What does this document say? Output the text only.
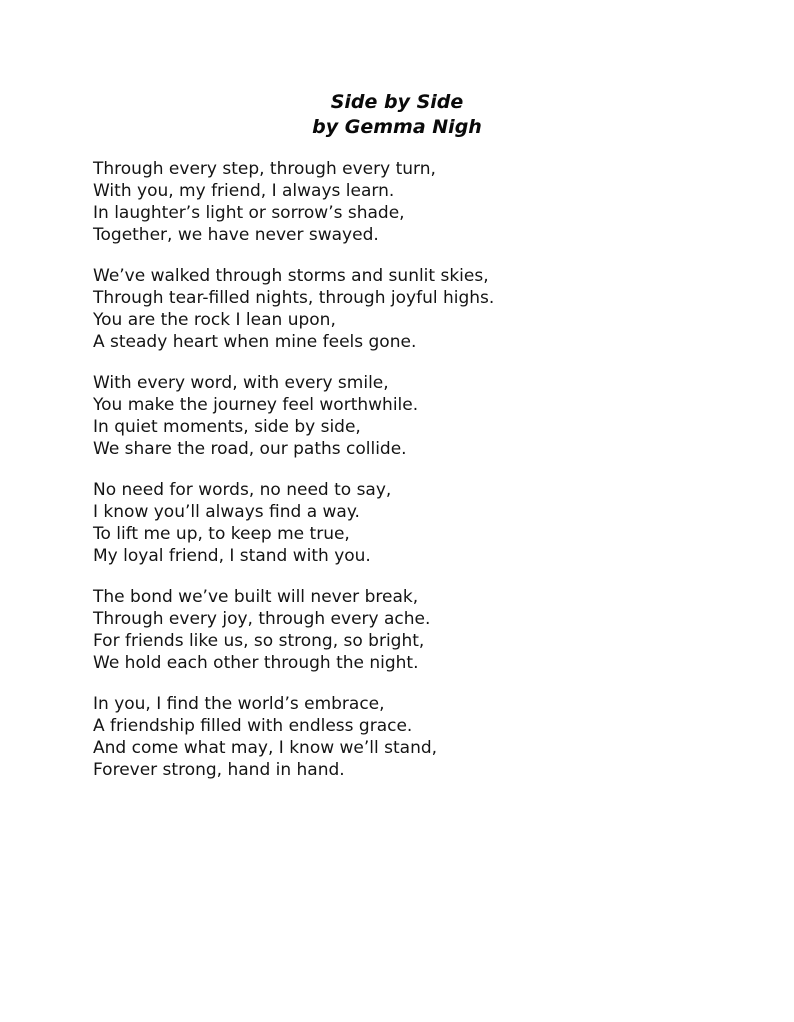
Side by Side
by Gemma Nigh
Through every step, through every turn,
With you, my friend, I always learn.
In laughter’s light or sorrow’s shade,
Together, we have never swayed.
We’ve walked through storms and sunlit skies,
Through tear-filled nights, through joyful highs.
You are the rock I lean upon,
A steady heart when mine feels gone.
With every word, with every smile,
You make the journey feel worthwhile.
In quiet moments, side by side,
We share the road, our paths collide.
No need for words, no need to say,
I know you’ll always find a way.
To lift me up, to keep me true,
My loyal friend, I stand with you.
The bond we’ve built will never break,
Through every joy, through every ache.
For friends like us, so strong, so bright,
We hold each other through the night.
In you, I find the world’s embrace,
A friendship filled with endless grace.
And come what may, I know we’ll stand,
Forever strong, hand in hand.
